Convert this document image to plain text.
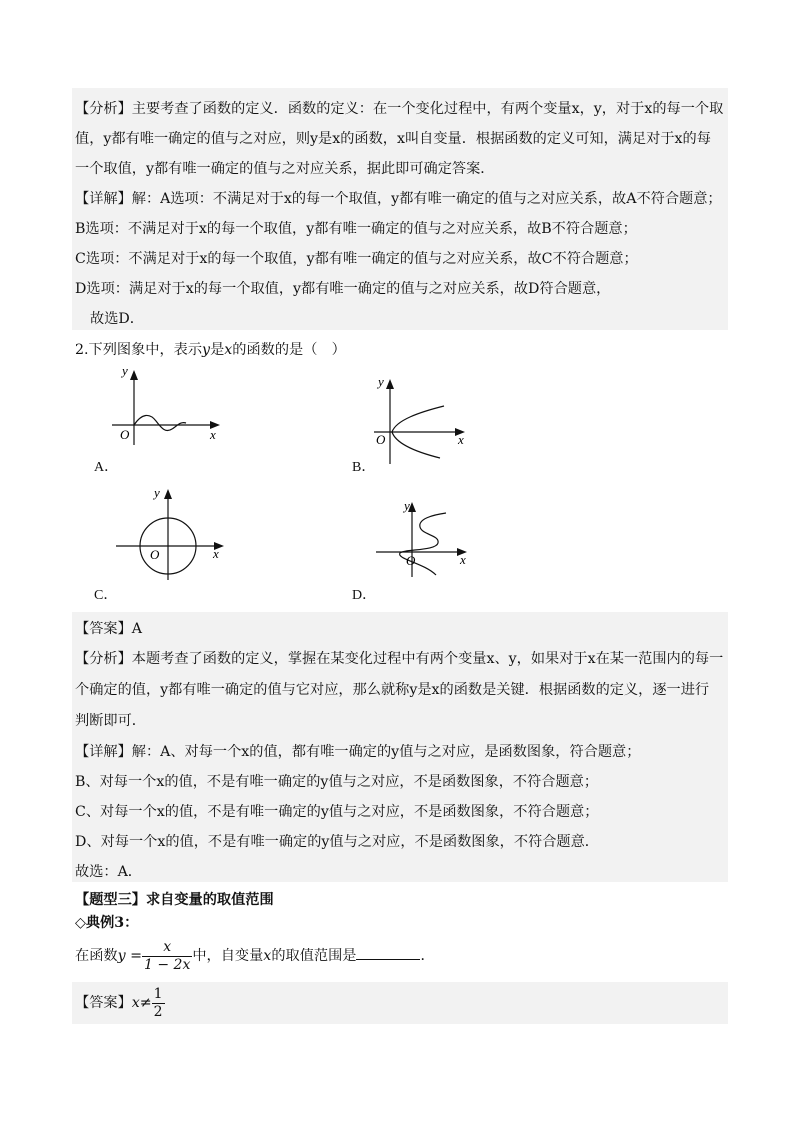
【分析】主要考查了函数的定义．函数的定义：在一个变化过程中，有两个变量x，y，对于x的每一个取
值，y都有唯一确定的值与之对应，则y是x的函数，x叫自变量．根据函数的定义可知，满足对于x的每
一个取值，y都有唯一确定的值与之对应关系，据此即可确定答案．
【详解】解：A选项：不满足对于x的每一个取值，y都有唯一确定的值与之对应关系，故A不符合题意；
B选项：不满足对于x的每一个取值，y都有唯一确定的值与之对应关系，故B不符合题意；
C选项：不满足对于x的每一个取值，y都有唯一确定的值与之对应关系，故C不符合题意；
D选项：满足对于x的每一个取值，y都有唯一确定的值与之对应关系，故D符合题意，
故选D．
2.下列图象中，表示y是x的函数的是（　）
y
x
O
A．
y
x
O
B．
y
x
O
C．
y
x
O
D．
【答案】A
【分析】本题考查了函数的定义，掌握在某变化过程中有两个变量x、y，如果对于x在某一范围内的每一
个确定的值，y都有唯一确定的值与它对应，那么就称y是x的函数是关键．根据函数的定义，逐一进行
判断即可．
【详解】解：A、对每一个x的值，都有唯一确定的y值与之对应，是函数图象，符合题意；
B、对每一个x的值，不是有唯一确定的y值与之对应，不是函数图象，不符合题意；
C、对每一个x的值，不是有唯一确定的y值与之对应，不是函数图象，不符合题意；
D、对每一个x的值，不是有唯一确定的y值与之对应，不是函数图象，不符合题意．
故选：A．
【题型三】求自变量的取值范围
◇典例3：
在函数$y = \frac{x}{1 - 2x}$ 中，自变量x的取值范围是	．
【答案】$x\ne \frac{1}{2}$
